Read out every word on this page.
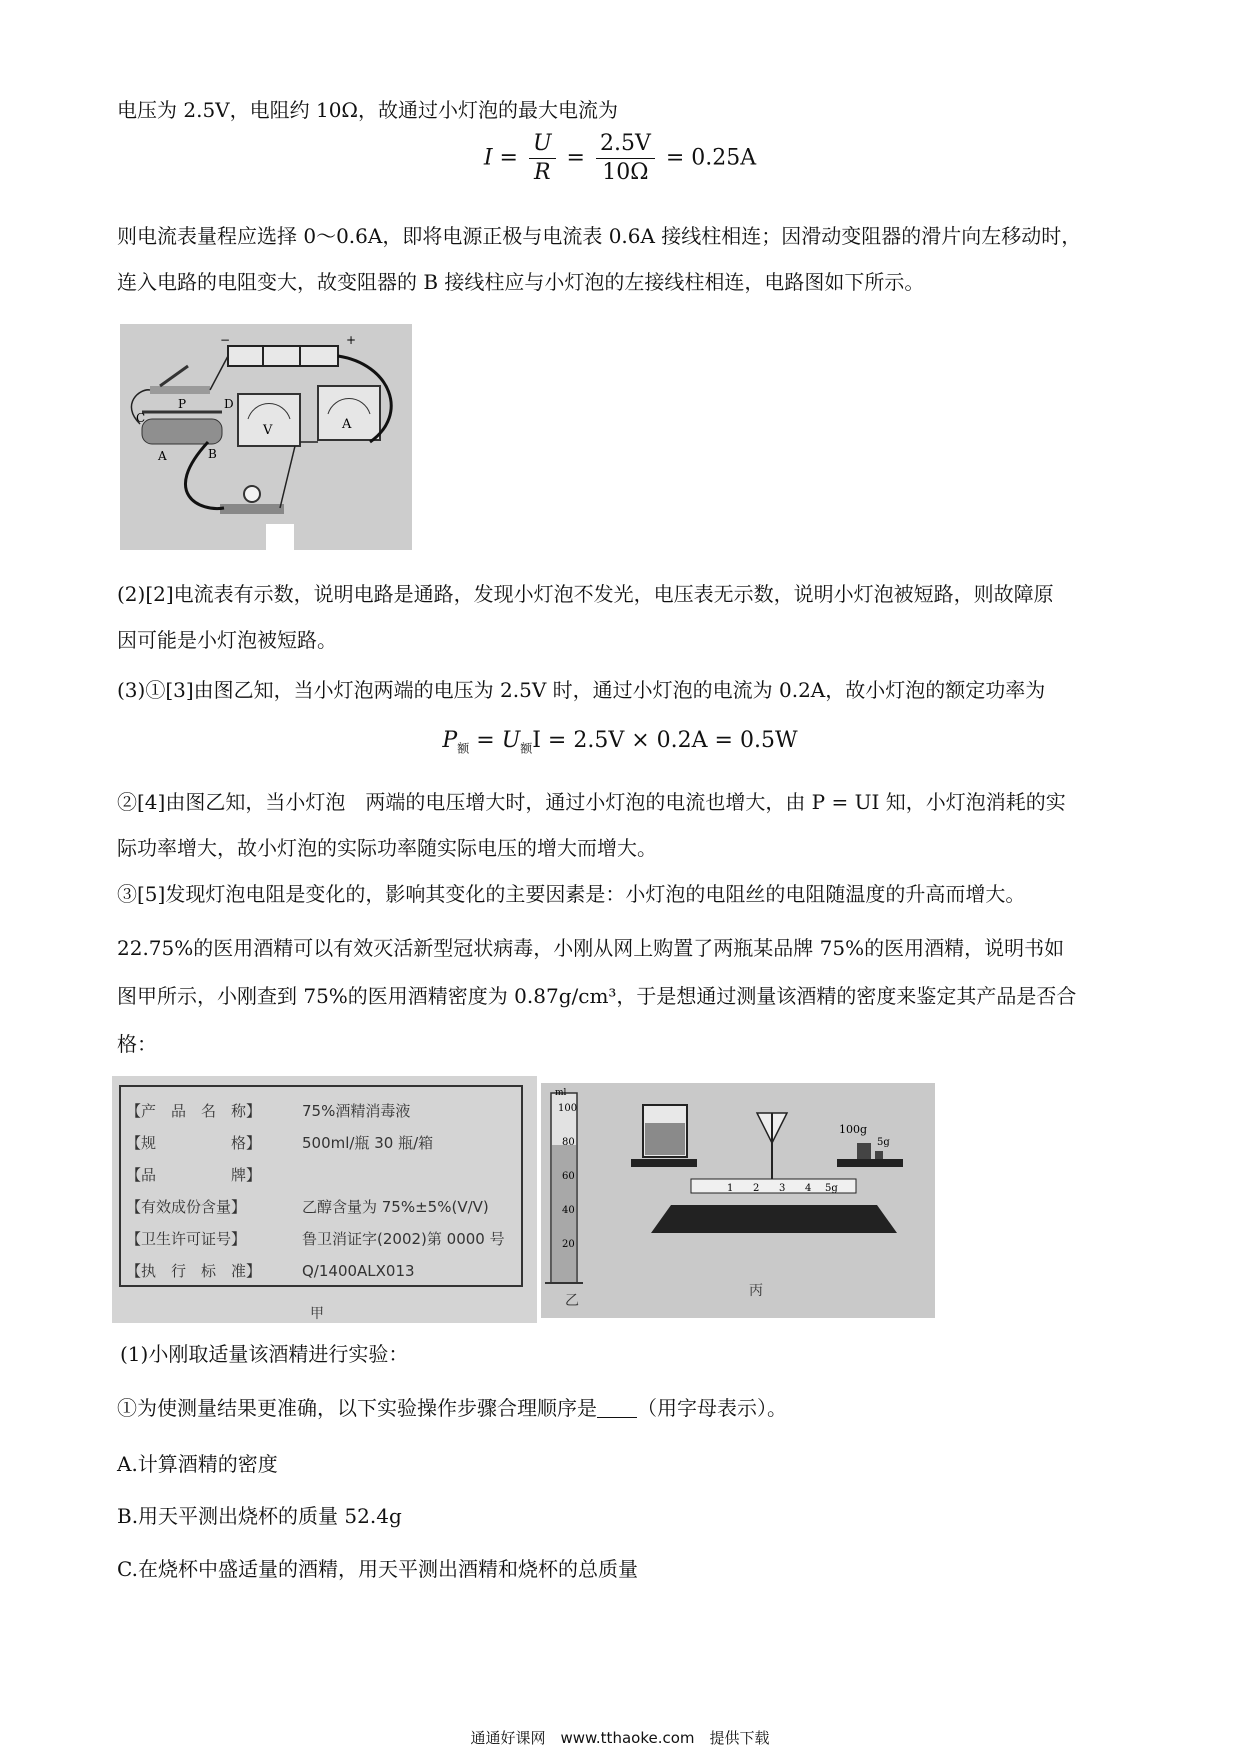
电压为 2.5V，电阻约 10Ω，故通过小灯泡的最大电流为
$I = \frac{U}{R} = \frac{2.5V}{10\Omega} = 0.25A$
则电流表量程应选择 0～0.6A，即将电源正极与电流表 0.6A 接线柱相连；因滑动变阻器的滑片向左移动时，
连入电路的电阻变大，故变阻器的 B 接线柱应与小灯泡的左接线柱相连，电路图如下所示。
−	+
P
C
D
A	B
V	A
(2)[2]电流表有示数，说明电路是通路，发现小灯泡不发光，电压表无示数，说明小灯泡被短路，则故障原
因可能是小灯泡被短路。
(3)①[3]由图乙知，当小灯泡两端的电压为 2.5V 时，通过小灯泡的电流为 0.2A，故小灯泡的额定功率为
$P_额 = U_额I = 2.5V \times 0.2A = 0.5W$
②[4]由图乙知，当小灯泡　两端的电压增大时，通过小灯泡的电流也增大，由 P = UI 知，小灯泡消耗的实
际功率增大，故小灯泡的实际功率随实际电压的增大而增大。
③[5]发现灯泡电阻是变化的，影响其变化的主要因素是：小灯泡的电阻丝的电阻随温度的升高而增大。
22.75%的医用酒精可以有效灭活新型冠状病毒，小刚从网上购置了两瓶某品牌 75%的医用酒精，说明书如
图甲所示，小刚查到 75%的医用酒精密度为 0.87g/cm³，于是想通过测量该酒精的密度来鉴定其产品是否合
格：
【产　品　名　称】	75%酒精消毒液
【规　　　　　格】	500ml/瓶 30 瓶/箱
【品　　　　　牌】
【有效成份含量】	乙醇含量为 75%±5%(V/V)
【卫生许可证号】	鲁卫消证字(2002)第 0000 号
【执　行　标　准】	Q/1400ALX013
甲
ml
100
80
60
40
20
乙
100g
5g
1 2 3 4 5g
丙
(1)小刚取适量该酒精进行实验：
①为使测量结果更准确，以下实验操作步骤合理顺序是 （用字母表示）。
A.计算酒精的密度
B.用天平测出烧杯的质量 52.4g
C.在烧杯中盛适量的酒精，用天平测出酒精和烧杯的总质量
通通好课网　www.tthaoke.com　提供下载
